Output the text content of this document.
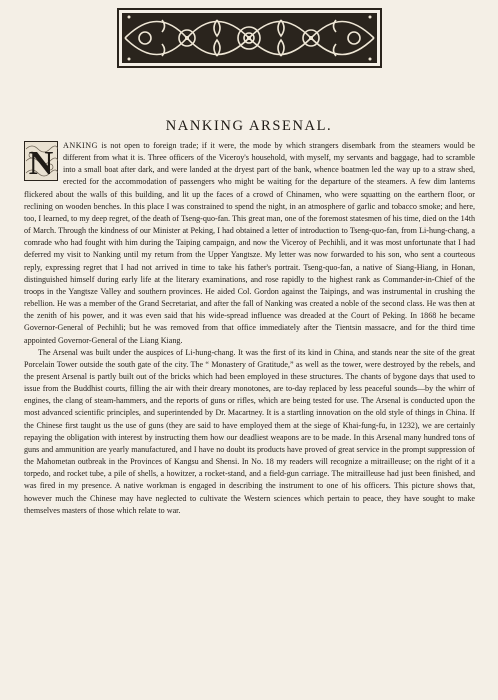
NANKING ARSENAL.

N ANKING is not open to foreign trade; if it were, the mode by which strangers disembark from the steamers would be different from what it is. Three officers of the Viceroy's household, with myself, my servants and baggage, had to scramble into a small boat after dark, and were landed at the dryest part of the bank, whence boatmen led the way up to a straw shed, erected for the accommodation of passengers who might be waiting for the departure of the steamers. A few dim lanterns flickered about the walls of this building, and lit up the faces of a crowd of Chinamen, who were squatting on the earthern floor, or reclining on wooden benches. In this place I was constrained to spend the night, in an atmosphere of garlic and tobacco smoke; and here, too, I learned, to my deep regret, of the death of Tseng-quo-fan. This great man, one of the foremost statesmen of his time, died on the 14th of March. Through the kindness of our Minister at Peking, I had obtained a letter of introduction to Tseng-quo-fan, from Li-hung-chang, a comrade who had fought with him during the Taiping campaign, and now the Viceroy of Pechihli, and it was most unfortunate that I had deferred my visit to Nanking until my return from the Upper Yangtsze. My letter was now forwarded to his son, who sent a courteous reply, expressing regret that I had not arrived in time to take his father's portrait. Tseng-quo-fan, a native of Siang-Hiang, in Honan, distinguished himself during early life at the literary examinations, and rose rapidly to the highest rank as Commander-in-Chief of the troops in the Yangtsze Valley and southern provinces. He aided Col. Gordon against the Taipings, and was instrumental in crushing the rebellion. He was a member of the Grand Secretariat, and after the fall of Nanking was created a noble of the second class. He was then at the zenith of his power, and it was even said that his wide-spread influence was dreaded at the Court of Peking. In 1868 he became Governor-General of Pechihli; but he was removed from that office immediately after the Tientsin massacre, and for the third time appointed Governor-General of the Liang Kiang.

The Arsenal was built under the auspices of Li-hung-chang. It was the first of its kind in China, and stands near the site of the great Porcelain Tower outside the south gate of the city. The “ Monastery of Gratitude,” as well as the tower, were destroyed by the rebels, and the present Arsenal is partly built out of the bricks which had been employed in these structures. The chants of bygone days that used to issue from the Buddhist courts, filling the air with their dreary monotones, are to-day replaced by less peaceful sounds—by the whirr of engines, the clang of steam-hammers, and the reports of guns or rifles, which are being tested for use. The Arsenal is conducted upon the most advanced scientific principles, and superintended by Dr. Macartney. It is a startling innovation on the old style of things in China. If the Chinese first taught us the use of guns (they are said to have employed them at the siege of Khai-fung-fu, in 1232), we are certainly repaying the obligation with interest by instructing them how our deadliest weapons are to be made. In this Arsenal many hundred tons of guns and ammunition are yearly manufactured, and I have no doubt its products have proved of great service in the prompt suppression of the Mahometan outbreak in the Provinces of Kangsu and Shensi. In No. 18 my readers will recognize a mitrailleuse; on the right of it a torpedo, and rocket tube, a pile of shells, a howitzer, a rocket-stand, and a field-gun carriage. The mitrailleuse had just been finished, and was fired in my presence. A native workman is engaged in describing the instrument to one of his officers. This picture shows that, however much the Chinese may have neglected to cultivate the Western sciences which pertain to peace, they have sought to make themselves masters of those which relate to war.
